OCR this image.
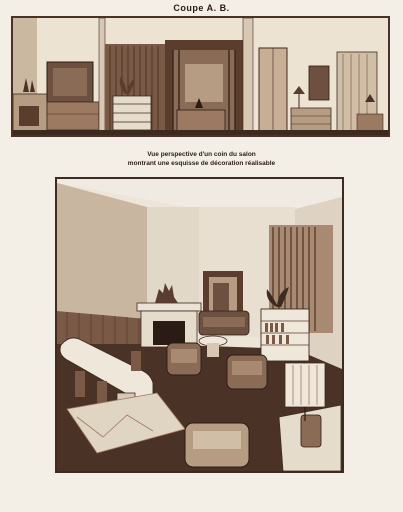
Coupe A. B.
Vue perspective d'un coin du salon
montrant une esquisse de décoration réalisable
